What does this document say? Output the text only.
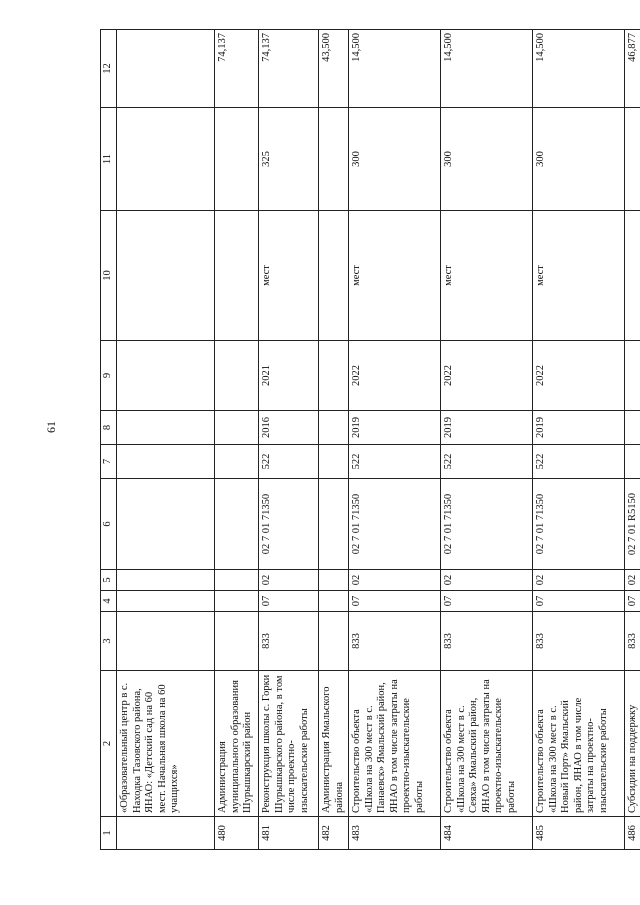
61
1	2	3	4	5	6	7	8	9	10	11	12
	«Образовательный центр в с. Находка Тазовского района, ЯНАО: «Детский сад на 60 мест. Начальная школа на 60 учащихся»										
480	Администрация муниципального образования Шурышкарский район										74,137
481	Реконструкция школы с. Горки Шурышкарского района, в том числе проектно-изыскательские работы	833	07	02	02 7 01 71350	522	2016	2021	мест	325	74,137
482	Администрация Ямальского района										43,500
483	Строительство объекта «Школа на 300 мест в с. Панаевск» Ямальский район, ЯНАО в том числе затраты на проектно-изыскательские работы	833	07	02	02 7 01 71350	522	2019	2022	мест	300	14,500
484	Строительство объекта «Школа на 300 мест в с. Сеяха» Ямальский район, ЯНАО в том числе затраты на проектно-изыскательские работы	833	07	02	02 7 01 71350	522	2019	2022	мест	300	14,500
485	Строительство объекта «Школа на 300 мест в с. Новый Порт» Ямальский район, ЯНАО в том числе затраты на проектно-изыскательские работы	833	07	02	02 7 01 71350	522	2019	2022	мест	300	14,500
486	Субсидии на поддержку	833	07	02	02 7 01 R5150						46,877
